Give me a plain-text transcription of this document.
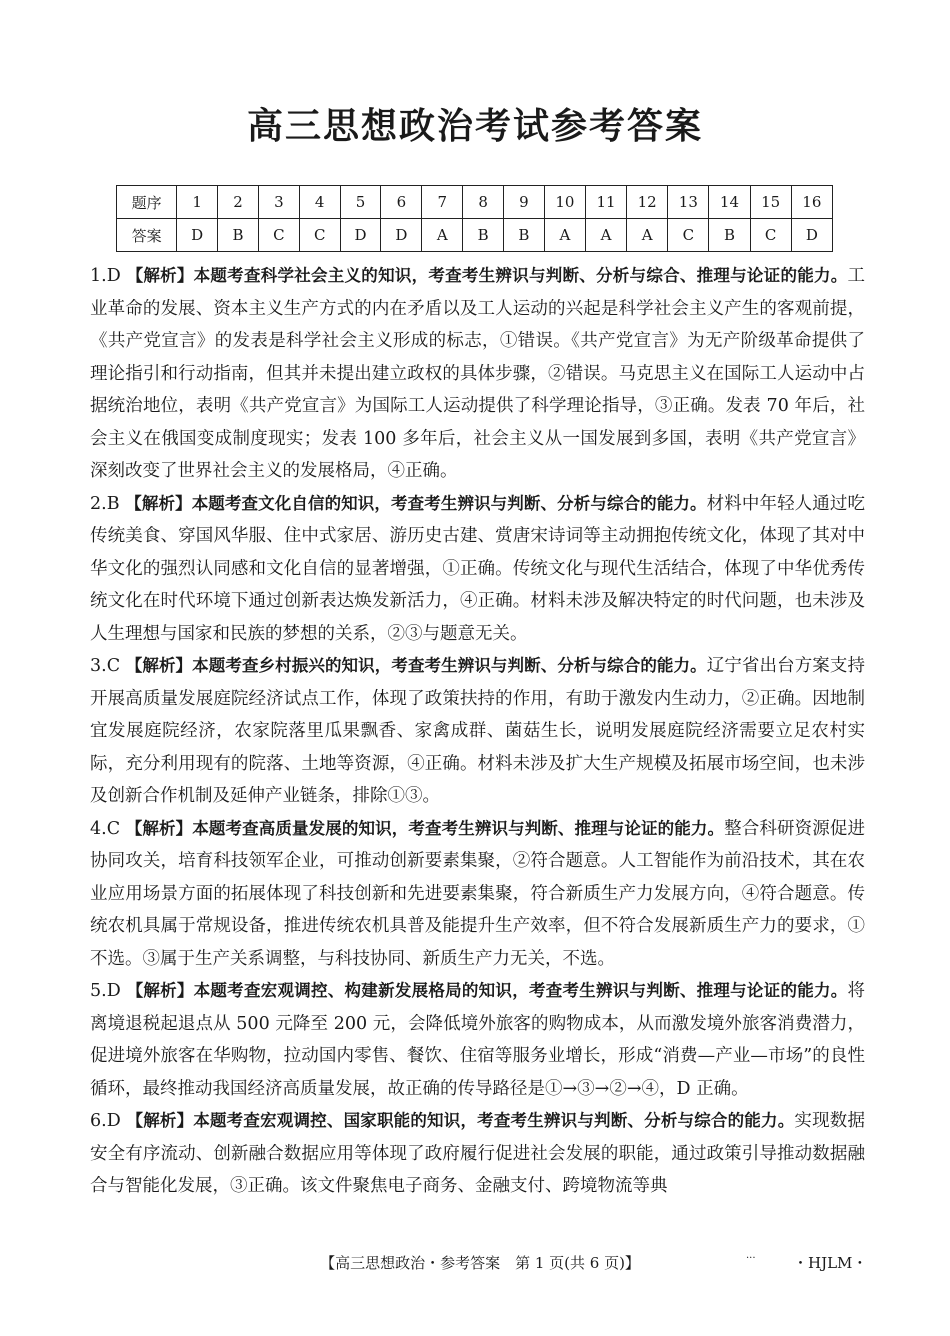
高三思想政治考试参考答案
题序	1	2	3	4	5	6	7	8	9	10	11	12	13	14	15	16
答案	D	B	C	C	D	D	A	B	B	A	A	A	C	B	C	D

1.D 【解析】本题考查科学社会主义的知识，考查考生辨识与判断、分析与综合、推理与论证的能力。工业革命的发展、资本主义生产方式的内在矛盾以及工人运动的兴起是科学社会主义产生的客观前提，《共产党宣言》的发表是科学社会主义形成的标志，①错误。《共产党宣言》为无产阶级革命提供了理论指引和行动指南，但其并未提出建立政权的具体步骤，②错误。马克思主义在国际工人运动中占据统治地位，表明《共产党宣言》为国际工人运动提供了科学理论指导，③正确。发表 70 年后，社会主义在俄国变成制度现实；发表 100 多年后，社会主义从一国发展到多国，表明《共产党宣言》深刻改变了世界社会主义的发展格局，④正确。

2.B 【解析】本题考查文化自信的知识，考查考生辨识与判断、分析与综合的能力。材料中年轻人通过吃传统美食、穿国风华服、住中式家居、游历史古建、赏唐宋诗词等主动拥抱传统文化，体现了其对中华文化的强烈认同感和文化自信的显著增强，①正确。传统文化与现代生活结合，体现了中华优秀传统文化在时代环境下通过创新表达焕发新活力，④正确。材料未涉及解决特定的时代问题，也未涉及人生理想与国家和民族的梦想的关系，②③与题意无关。

3.C 【解析】本题考查乡村振兴的知识，考查考生辨识与判断、分析与综合的能力。辽宁省出台方案支持开展高质量发展庭院经济试点工作，体现了政策扶持的作用，有助于激发内生动力，②正确。因地制宜发展庭院经济，农家院落里瓜果飘香、家禽成群、菌菇生长，说明发展庭院经济需要立足农村实际，充分利用现有的院落、土地等资源，④正确。材料未涉及扩大生产规模及拓展市场空间，也未涉及创新合作机制及延伸产业链条，排除①③。

4.C 【解析】本题考查高质量发展的知识，考查考生辨识与判断、推理与论证的能力。整合科研资源促进协同攻关，培育科技领军企业，可推动创新要素集聚，②符合题意。人工智能作为前沿技术，其在农业应用场景方面的拓展体现了科技创新和先进要素集聚，符合新质生产力发展方向，④符合题意。传统农机具属于常规设备，推进传统农机具普及能提升生产效率，但不符合发展新质生产力的要求，①不选。③属于生产关系调整，与科技协同、新质生产力无关，不选。

5.D 【解析】本题考查宏观调控、构建新发展格局的知识，考查考生辨识与判断、推理与论证的能力。将离境退税起退点从 500 元降至 200 元，会降低境外旅客的购物成本，从而激发境外旅客消费潜力，促进境外旅客在华购物，拉动国内零售、餐饮、住宿等服务业增长，形成“消费—产业—市场”的良性循环，最终推动我国经济高质量发展，故正确的传导路径是①→③→②→④，D 正确。

6.D 【解析】本题考查宏观调控、国家职能的知识，考查考生辨识与判断、分析与综合的能力。实现数据安全有序流动、创新融合数据应用等体现了政府履行促进社会发展的职能，通过政策引导推动数据融合与智能化发展，③正确。该文件聚焦电子商务、金融支付、跨境物流等典

【高三思想政治・参考答案　第 1 页(共 6 页)】	... ・HJLM・
